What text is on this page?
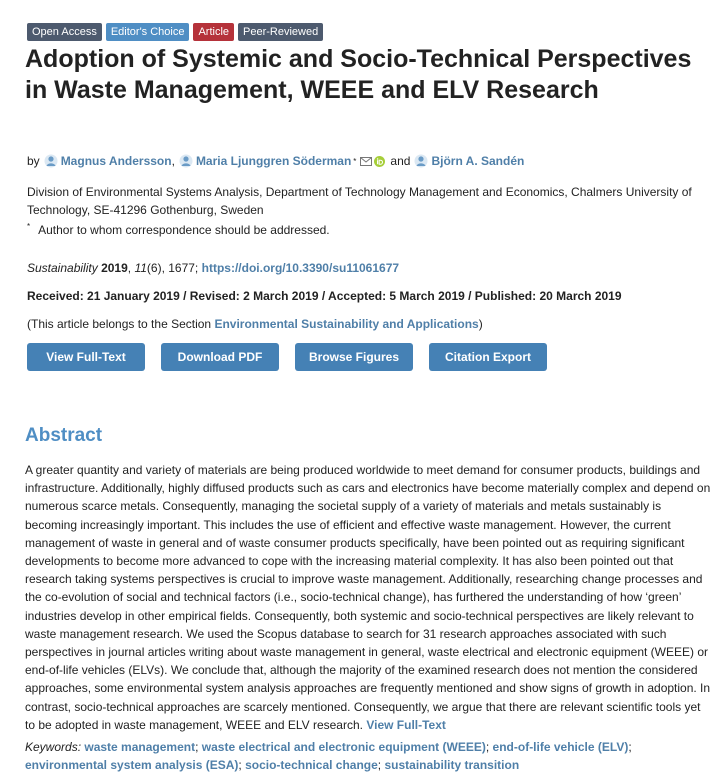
Open Access	Editor's Choice	Article	Peer-Reviewed
Adoption of Systemic and Socio-Technical Perspectives in Waste Management, WEEE and ELV Research
by Magnus Andersson , Maria Ljunggren Söderman *	and Björn A. Sandén
Division of Environmental Systems Analysis, Department of Technology Management and Economics, Chalmers University of Technology, SE-41296 Gothenburg, Sweden
* Author to whom correspondence should be addressed.
Sustainability 2019, 11(6), 1677; https://doi.org/10.3390/su11061677
Received: 21 January 2019 / Revised: 2 March 2019 / Accepted: 5 March 2019 / Published: 20 March 2019
(This article belongs to the Section Environmental Sustainability and Applications)
View Full-Text	Download PDF	Browse Figures	Citation Export
Abstract
A greater quantity and variety of materials are being produced worldwide to meet demand for consumer products, buildings and infrastructure. Additionally, highly diffused products such as cars and electronics have become materially complex and depend on numerous scarce metals. Consequently, managing the societal supply of a variety of materials and metals sustainably is becoming increasingly important. This includes the use of efficient and effective waste management. However, the current management of waste in general and of waste consumer products specifically, have been pointed out as requiring significant developments to become more advanced to cope with the increasing material complexity. It has also been pointed out that research taking systems perspectives is crucial to improve waste management. Additionally, researching change processes and the co-evolution of social and technical factors (i.e., socio-technical change), has furthered the understanding of how ‘green’ industries develop in other empirical fields. Consequently, both systemic and socio-technical perspectives are likely relevant to waste management research. We used the Scopus database to search for 31 research approaches associated with such perspectives in journal articles writing about waste management in general, waste electrical and electronic equipment (WEEE) or end-of-life vehicles (ELVs). We conclude that, although the majority of the examined research does not mention the considered approaches, some environmental system analysis approaches are frequently mentioned and show signs of growth in adoption. In contrast, socio-technical approaches are scarcely mentioned. Consequently, we argue that there are relevant scientific tools yet to be adopted in waste management, WEEE and ELV research. View Full-Text
Keywords: waste management; waste electrical and electronic equipment (WEEE); end-of-life vehicle (ELV); environmental system analysis (ESA); socio-technical change; sustainability transition
